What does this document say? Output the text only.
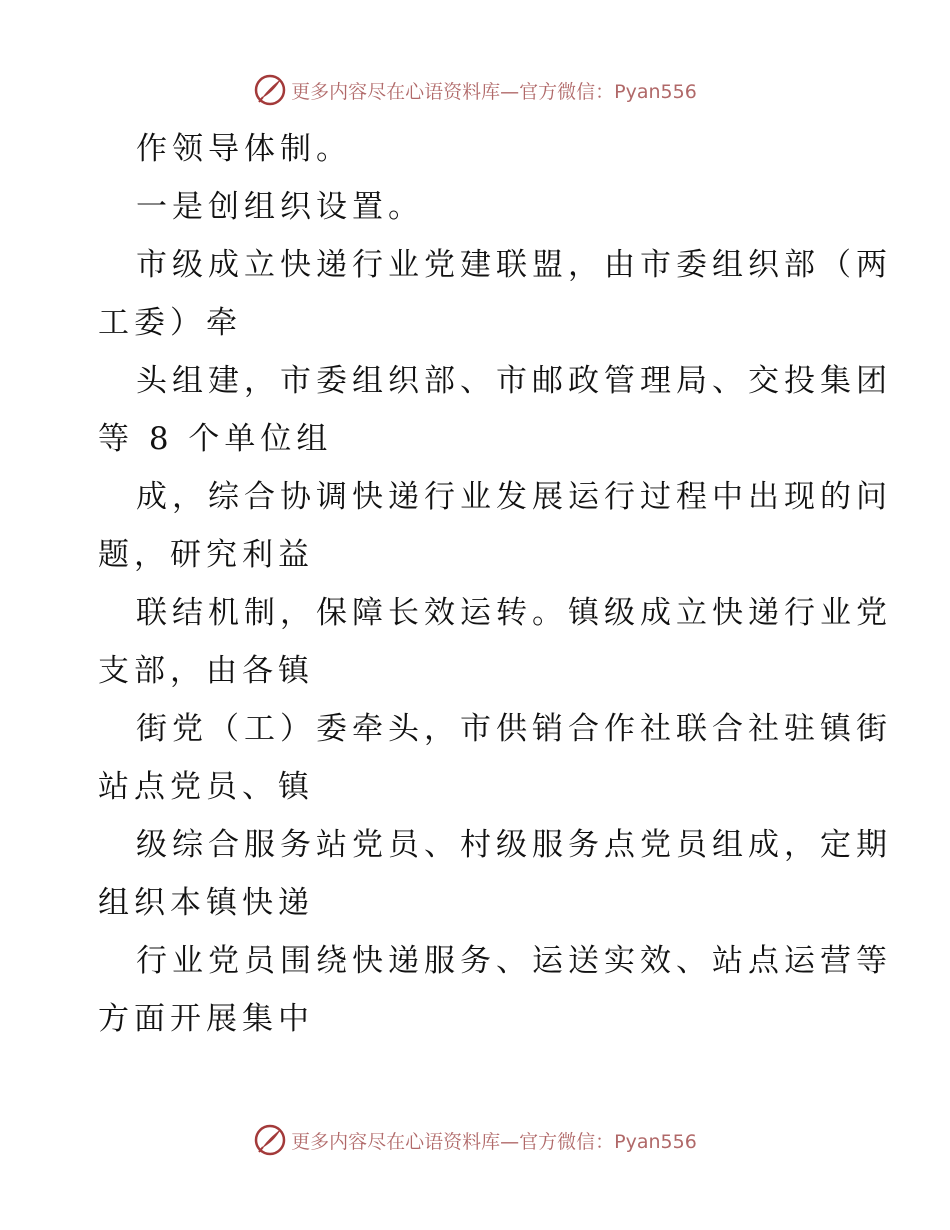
更多内容尽在心语资料库—官方微信：Pyan556
作领导体制。
一是创组织设置。
市级成立快递行业党建联盟，由市委组织部（两
工委）牵
头组建，市委组织部、市邮政管理局、交投集团
等 8 个单位组
成，综合协调快递行业发展运行过程中出现的问
题，研究利益
联结机制，保障长效运转。镇级成立快递行业党
支部，由各镇
街党（工）委牵头，市供销合作社联合社驻镇街
站点党员、镇
级综合服务站党员、村级服务点党员组成，定期
组织本镇快递
行业党员围绕快递服务、运送实效、站点运营等
方面开展集中
更多内容尽在心语资料库—官方微信：Pyan556
